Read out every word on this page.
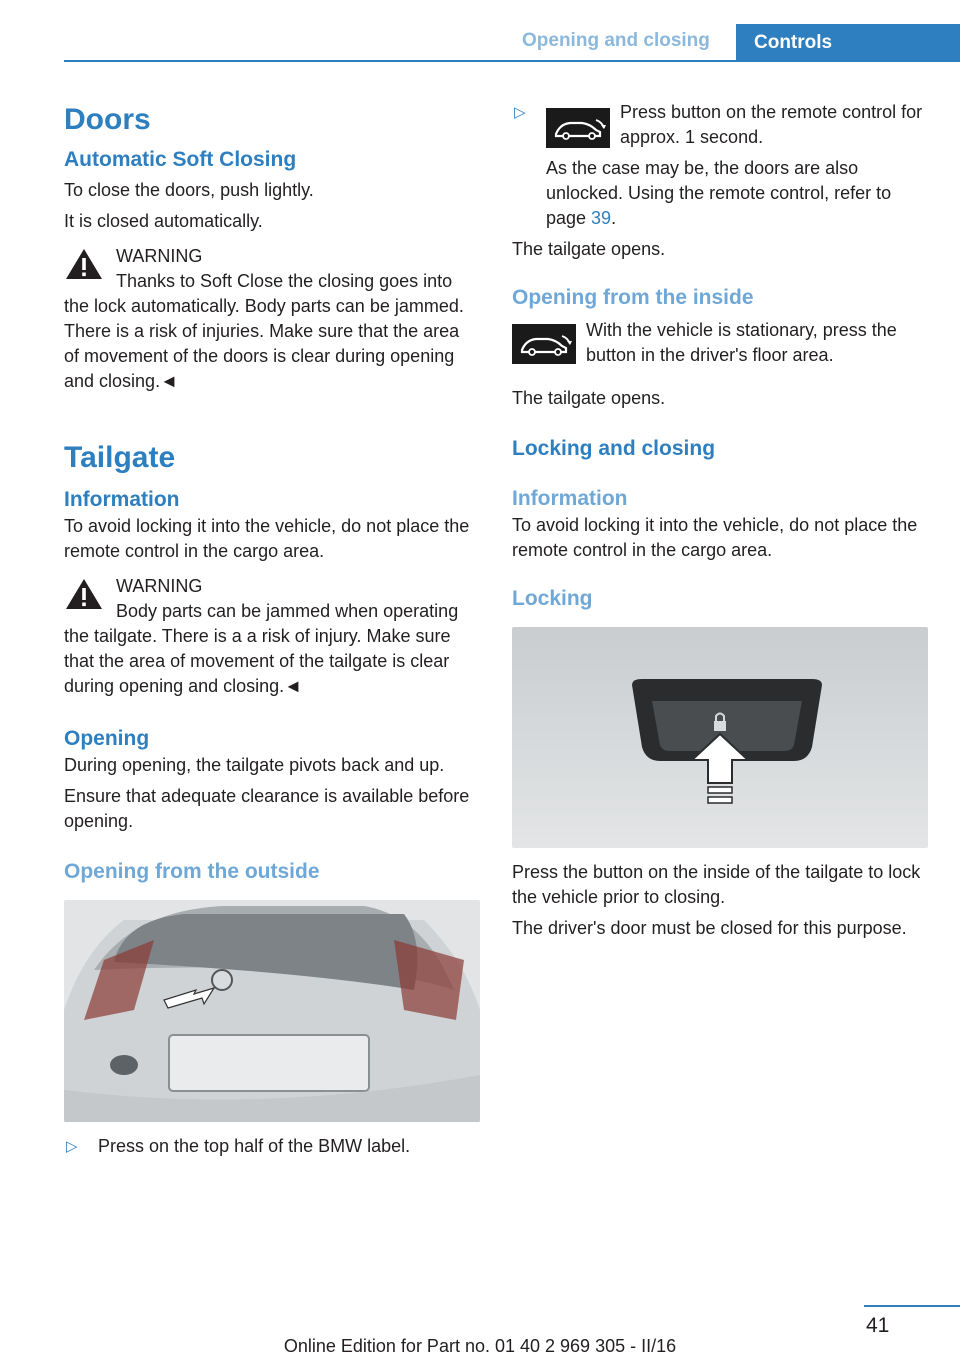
Opening and closing	Controls
Doors
Automatic Soft Closing

To close the doors, push lightly.

It is closed automatically.

WARNING
Thanks to Soft Close the closing goes into the lock automatically. Body parts can be jammed. There is a risk of injuries. Make sure that the area of movement of the doors is clear during opening and closing.◄
Tailgate
Information

To avoid locking it into the vehicle, do not place the remote control in the cargo area.

WARNING
Body parts can be jammed when operating the tailgate. There is a a risk of injury. Make sure that the area of movement of the tailgate is clear during opening and closing.◄
Opening

During opening, the tailgate pivots back and up.

Ensure that adequate clearance is available before opening.

Opening from the outside
▷ Press on the top half of the BMW label.
▷	Press button on the remote control for approx. 1 second.

As the case may be, the doors are also unlocked. Using the remote control, refer to page 39.

The tailgate opens.

Opening from the inside

With the vehicle is stationary, press the button in the driver's floor area.

The tailgate opens.

Locking and closing
Information

To avoid locking it into the vehicle, do not place the remote control in the cargo area.

Locking

Press the button on the inside of the tailgate to lock the vehicle prior to closing.

The driver's door must be closed for this purpose.

41
Online Edition for Part no. 01 40 2 969 305 - II/16
